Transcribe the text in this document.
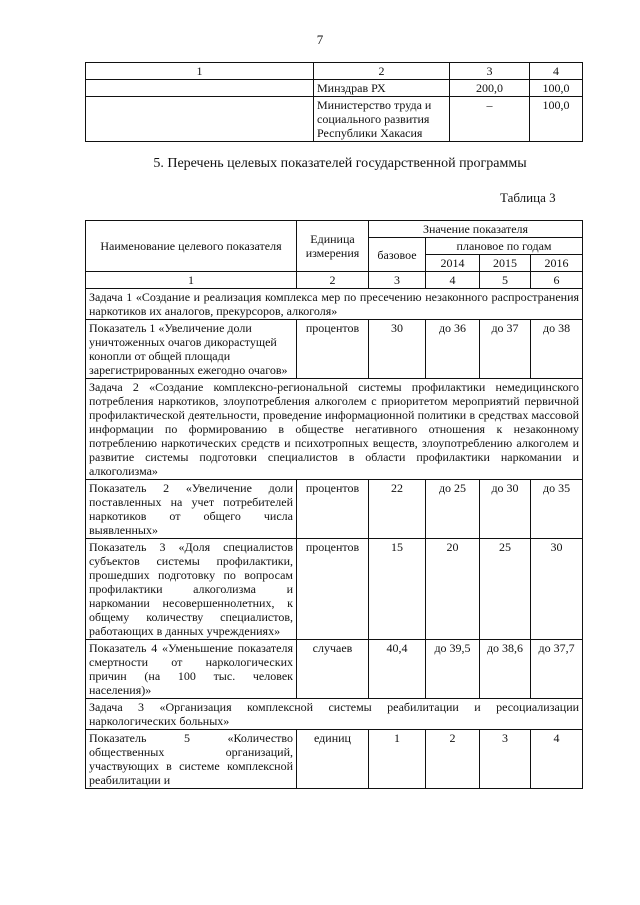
7
1	2	3	4
	Минздрав РХ	200,0	100,0
	Министерство труда и социального развития Республики Хакасия	–	100,0
5. Перечень целевых показателей государственной программы
Таблица 3
Наименование целевого показателя	Единица измерения	Значение показателя			
		базовое	плановое по годам		
			2014	2015	2016
1	2	3	4	5	6
Задача 1 «Создание и реализация комплекса мер по пресечению незаконного распространения наркотиков их аналогов, прекурсоров, алкоголя»					
Показатель 1 «Увеличение доли уничтоженных очагов дикорастущей конопли от общей площади зарегистрированных ежегодно очагов»	процентов	30	до 36	до 37	до 38
Задача 2 «Создание комплексно-региональной системы профилактики немедицинского потребления наркотиков, злоупотребления алкоголем с приоритетом мероприятий первичной профилактической деятельности, проведение информационной политики в средствах массовой информации по формированию в обществе негативного отношения к незаконному потреблению наркотических средств и психотропных веществ, злоупотреблению алкоголем и развитие системы подготовки специалистов в области профилактики наркомании и алкоголизма»					
Показатель 2 «Увеличение доли поставленных на учет потребителей наркотиков от общего числа выявленных»	процентов	22	до 25	до 30	до 35
Показатель 3 «Доля специалистов субъектов системы профилактики, прошедших подготовку по вопросам профилактики алкоголизма и наркомании несовершеннолетних, к общему количеству специалистов, работающих в данных учреждениях»	процентов	15	20	25	30
Показатель 4 «Уменьшение показателя смертности от наркологических причин (на 100 тыс. человек населения)»	случаев	40,4	до 39,5	до 38,6	до 37,7
Задача 3 «Организация комплексной системы реабилитации и ресоциализации наркологических больных»					
Показатель 5 «Количество общественных организаций, участвующих в системе комплексной реабилитации и	единиц	1	2	3	4
